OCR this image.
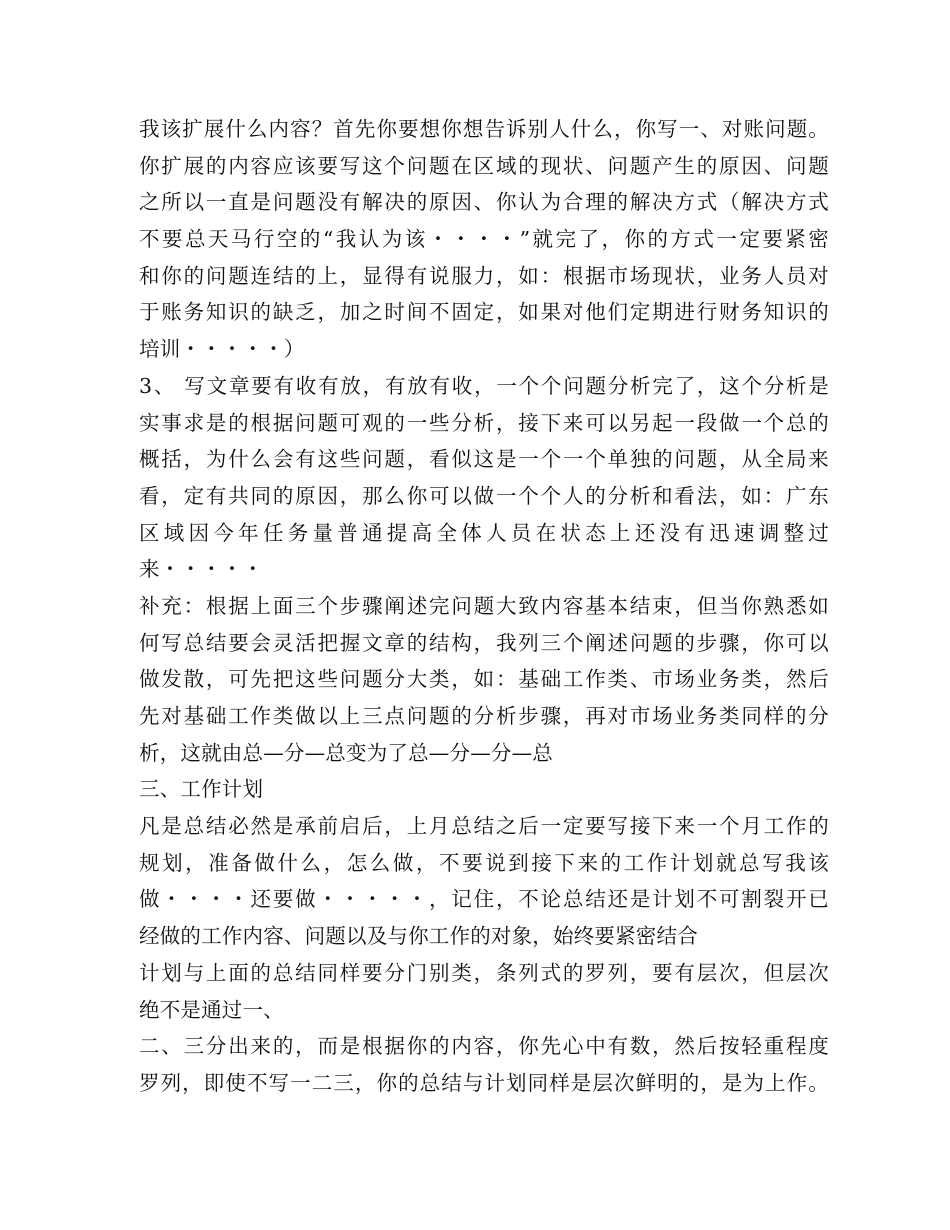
我该扩展什么内容？首先你要想你想告诉别人什么，你写一、对账问题。
你扩展的内容应该要写这个问题在区域的现状、问题产生的原因、问题
之所以一直是问题没有解决的原因、你认为合理的解决方式（解决方式
不要总天马行空的“我认为该・・・・”就完了，你的方式一定要紧密
和你的问题连结的上，显得有说服力，如：根据市场现状，业务人员对
于账务知识的缺乏，加之时间不固定，如果对他们定期进行财务知识的
培训・・・・・）
3、 写文章要有收有放，有放有收，一个个问题分析完了，这个分析是
实事求是的根据问题可观的一些分析，接下来可以另起一段做一个总的
概括，为什么会有这些问题，看似这是一个一个单独的问题，从全局来
看，定有共同的原因，那么你可以做一个个人的分析和看法，如：广东
区域因今年任务量普通提高全体人员在状态上还没有迅速调整过
来・・・・・
补充：根据上面三个步骤阐述完问题大致内容基本结束，但当你熟悉如
何写总结要会灵活把握文章的结构，我列三个阐述问题的步骤，你可以
做发散，可先把这些问题分大类，如：基础工作类、市场业务类，然后
先对基础工作类做以上三点问题的分析步骤，再对市场业务类同样的分
析，这就由总—分—总变为了总—分—分—总
三、工作计划
凡是总结必然是承前启后，上月总结之后一定要写接下来一个月工作的
规划，准备做什么，怎么做，不要说到接下来的工作计划就总写我该
做・・・・还要做・・・・・，记住，不论总结还是计划不可割裂开已
经做的工作内容、问题以及与你工作的对象，始终要紧密结合
计划与上面的总结同样要分门别类，条列式的罗列，要有层次，但层次
绝不是通过一、
二、三分出来的，而是根据你的内容，你先心中有数，然后按轻重程度
罗列，即使不写一二三，你的总结与计划同样是层次鲜明的，是为上作。
